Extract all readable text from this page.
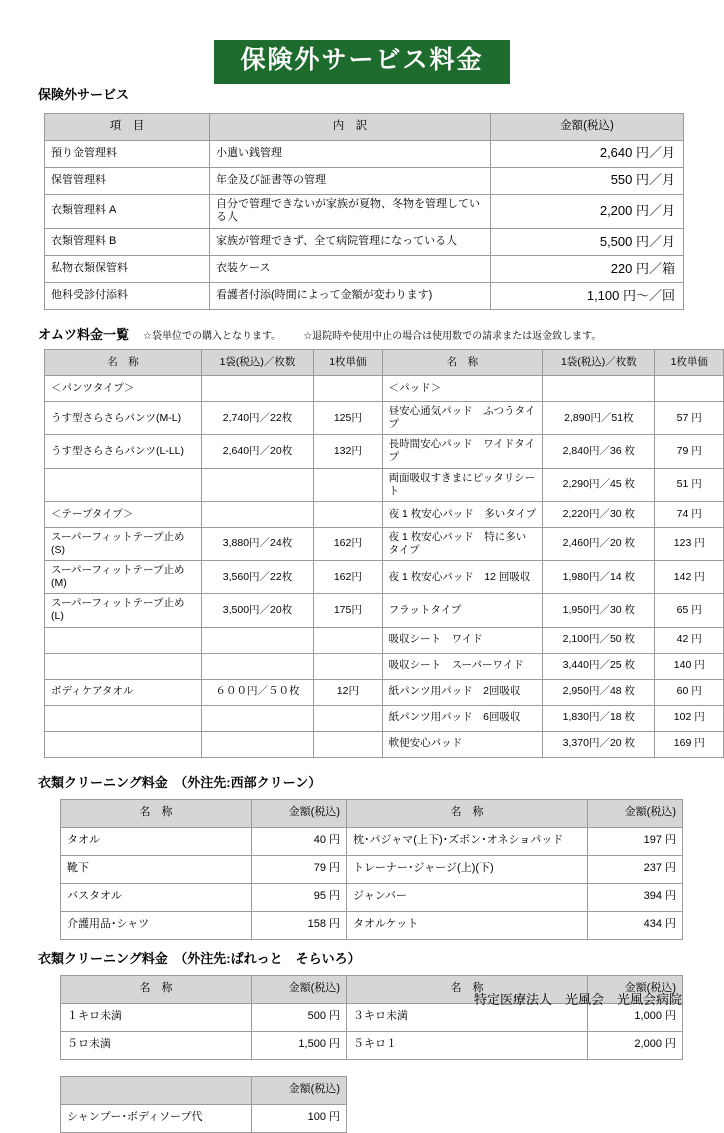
保険外サービス料金
保険外サービス
項　目	内　訳	金額(税込)
預り金管理料	小遣い銭管理	2,640 円／月
保管管理料	年金及び証書等の管理	550 円／月
衣類管理料 A	自分で管理できないが家族が夏物、冬物を管理している人	2,200 円／月
衣類管理料 B	家族が管理できず、全て病院管理になっている人	5,500 円／月
私物衣類保管料	衣装ケース	220 円／箱
他科受診付添料	看護者付添(時間によって金額が変わります)	1,100 円～／回
オムツ料金一覧 ☆袋単位での購入となります。 ☆退院時や使用中止の場合は使用数での請求または返金致します。
名　称	1袋(税込)／枚数	1枚単価	名　称	1袋(税込)／枚数	1枚単価
＜パンツタイプ＞			＜パッド＞		
うす型さらさらパンツ(M-L)	2,740円／22枚	125円	昼安心通気パッド　ふつうタイプ	2,890円／51枚	57 円
うす型さらさらパンツ(L-LL)	2,640円／20枚	132円	長時間安心パッド　ワイドタイプ	2,840円／36 枚	79 円
			両面吸収すきまにピッタリシート	2,290円／45 枚	51 円
＜テープタイプ＞			夜 1 枚安心パッド　多いタイプ	2,220円／30 枚	74 円
スーパーフィットテープ止め(S)	3,880円／24枚	162円	夜 1 枚安心パッド　特に多いタイプ	2,460円／20 枚	123 円
スーパーフィットテープ止め(M)	3,560円／22枚	162円	夜 1 枚安心パッド　12 回吸収	1,980円／14 枚	142 円
スーパーフィットテープ止め(L)	3,500円／20枚	175円	フラットタイプ	1,950円／30 枚	65 円
			吸収シート　ワイド	2,100円／50 枚	42 円
			吸収シート　スーパーワイド	3,440円／25 枚	140 円
ボディケアタオル	６００円／５０枚	12円	紙パンツ用パッド　2回吸収	2,950円／48 枚	60 円
			紙パンツ用パッド　6回吸収	1,830円／18 枚	102 円
			軟便安心パッド	3,370円／20 枚	169 円
衣類クリーニング料金　（外注先:西部クリーン）
名　称	金額(税込)	名　称	金額(税込)
タオル	40 円	枕･パジャマ(上下)･ズボン･オネショパッド	197 円
靴下	79 円	トレーナー･ジャージ(上)(下)	237 円
バスタオル	95 円	ジャンバー	394 円
介護用品･シャツ	158 円	タオルケット	434 円
衣類クリーニング料金　（外注先:ぱれっと　そらいろ）
名　称	金額(税込)	名　称	金額(税込)
１キロ未満	500 円	３キロ未満	1,000 円
５ロ未満	1,500 円	５キロ１	2,000 円
	金額(税込)
シャンプー･ボディソープ代	100 円
特定医療法人　光風会　光風会病院
